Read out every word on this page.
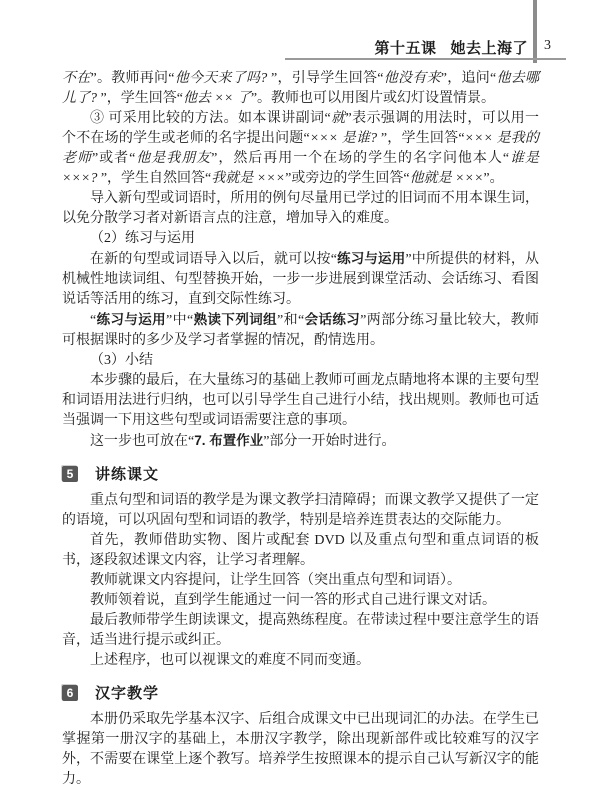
第十五课 她去上海了 3

不在”。教师再问“他今天来了吗? ”，引导学生回答“他没有来”，追问“他去哪儿了? ”，学生回答“他去 ×× 了”。教师也可以用图片或幻灯设置情景。

③ 可采用比较的方法。如本课讲副词“就”表示强调的用法时，可以用一个不在场的学生或老师的名字提出问题“××× 是谁? ”，学生回答“××× 是我的老师”或者“他是我朋友”，然后再用一个在场的学生的名字问他本人“谁是 ×××? ”，学生自然回答“我就是 ×××”或旁边的学生回答“他就是 ×××”。

导入新句型或词语时，所用的例句尽量用已学过的旧词而不用本课生词，以免分散学习者对新语言点的注意，增加导入的难度。

（2）练习与运用

在新的句型或词语导入以后，就可以按“练习与运用”中所提供的材料，从机械性地读词组、句型替换开始，一步一步进展到课堂活动、会话练习、看图说话等活用的练习，直到交际性练习。

“练习与运用”中“熟读下列词组”和“会话练习”两部分练习量比较大，教师可根据课时的多少及学习者掌握的情况，酌情选用。

（3）小结

本步骤的最后，在大量练习的基础上教师可画龙点睛地将本课的主要句型和词语用法进行归纳，也可以引导学生自己进行小结，找出规则。教师也可适当强调一下用这些句型或词语需要注意的事项。

这一步也可放在“7. 布置作业”部分一开始时进行。

5	讲练课文

重点句型和词语的教学是为课文教学扫清障碍；而课文教学又提供了一定的语境，可以巩固句型和词语的教学，特别是培养连贯表达的交际能力。

首先，教师借助实物、图片或配套 DVD 以及重点句型和重点词语的板书，逐段叙述课文内容，让学习者理解。

教师就课文内容提问，让学生回答（突出重点句型和词语）。

教师领着说，直到学生能通过一问一答的形式自己进行课文对话。

最后教师带学生朗读课文，提高熟练程度。在带读过程中要注意学生的语音，适当进行提示或纠正。

上述程序，也可以视课文的难度不同而变通。

6	汉字教学

本册仍采取先学基本汉字、后组合成课文中已出现词汇的办法。在学生已掌握第一册汉字的基础上，本册汉字教学，除出现新部件或比较难写的汉字外，不需要在课堂上逐个教写。培养学生按照课本的提示自己认写新汉字的能力。
